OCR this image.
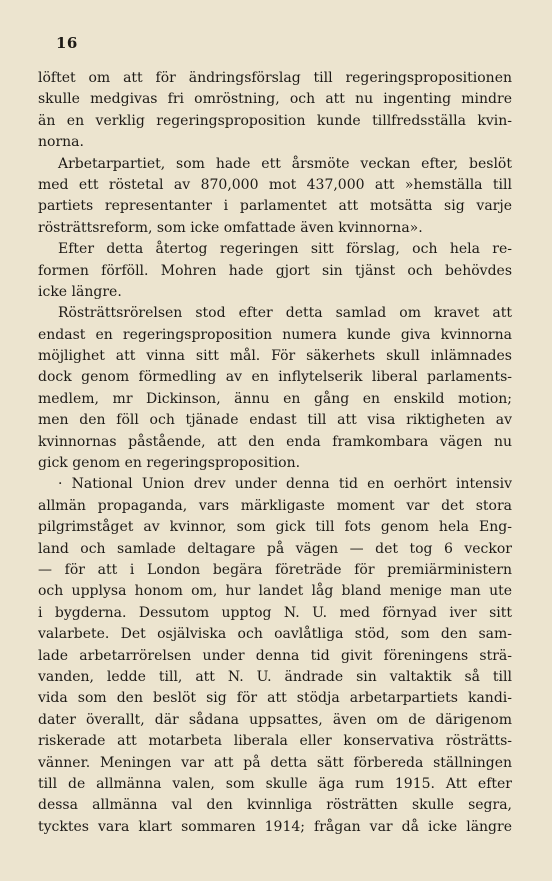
16
löftet om att för ändringsförslag till regeringspropositionen
skulle medgivas fri omröstning, och att nu ingenting mindre
än en verklig regeringsproposition kunde tillfredsställa kvin-
norna.
Arbetarpartiet, som hade ett årsmöte veckan efter, beslöt
med ett röstetal av 870,000 mot 437,000 att »hemställa till
partiets representanter i parlamentet att motsätta sig varje
rösträttsreform, som icke omfattade även kvinnorna».
Efter detta återtog regeringen sitt förslag, och hela re-
formen förföll. Mohren hade gjort sin tjänst och behövdes
icke längre.
Rösträttsrörelsen stod efter detta samlad om kravet att
endast en regeringsproposition numera kunde giva kvinnorna
möjlighet att vinna sitt mål. För säkerhets skull inlämnades
dock genom förmedling av en inflytelserik liberal parlaments-
medlem, mr Dickinson, ännu en gång en enskild motion;
men den föll och tjänade endast till att visa riktigheten av
kvinnornas påstående, att den enda framkombara vägen nu
gick genom en regeringsproposition.
· National Union drev under denna tid en oerhört intensiv
allmän propaganda, vars märkligaste moment var det stora
pilgrimståget av kvinnor, som gick till fots genom hela Eng-
land och samlade deltagare på vägen — det tog 6 veckor
— för att i London begära företräde för premiärministern
och upplysa honom om, hur landet låg bland menige man ute
i bygderna. Dessutom upptog N. U. med förnyad iver sitt
valarbete. Det osjälviska och oavlåtliga stöd, som den sam-
lade arbetarrörelsen under denna tid givit föreningens strä-
vanden, ledde till, att N. U. ändrade sin valtaktik så till
vida som den beslöt sig för att stödja arbetarpartiets kandi-
dater överallt, där sådana uppsattes, även om de därigenom
riskerade att motarbeta liberala eller konservativa rösträtts-
vänner. Meningen var att på detta sätt förbereda ställningen
till de allmänna valen, som skulle äga rum 1915. Att efter
dessa allmänna val den kvinnliga rösträtten skulle segra,
tycktes vara klart sommaren 1914; frågan var då icke längre
